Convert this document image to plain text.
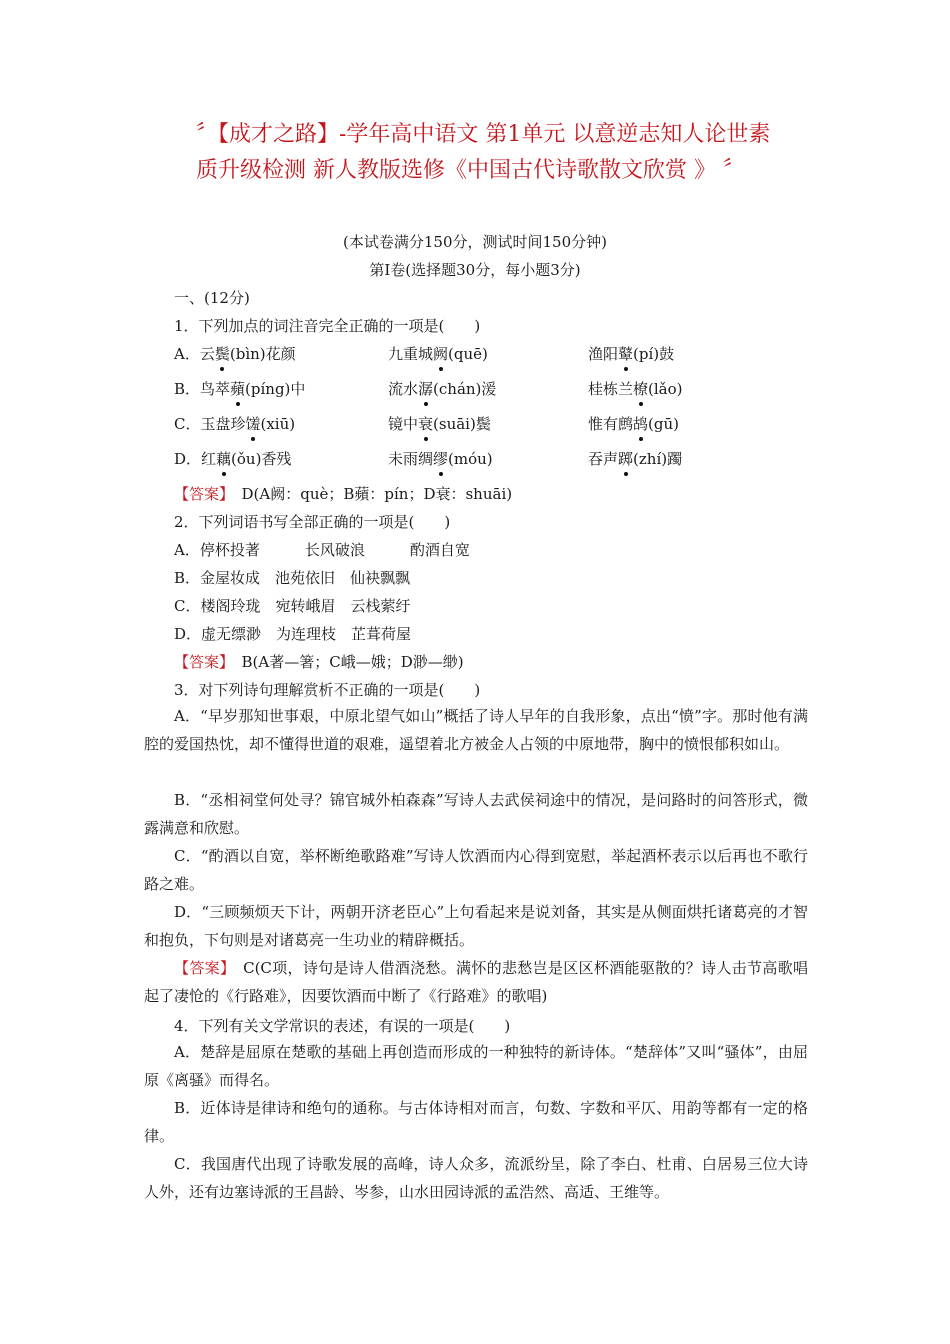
〞【成才之路】-学年高中语文 第1单元 以意逆志知人论世素
质升级检测 新人教版选修《中国古代诗歌散文欣赏 》 〞
(本试卷满分150分，测试时间150分钟)
第Ⅰ卷(选择题30分，每小题3分)
一、(12分)
1．下列加点的词注音完全正确的一项是(　　)
A．云鬓(bìn)花颜	九重城阙(quē)	渔阳鼙(pí)鼓
B．鸟萃蘋(píng)中	流水潺(chán)湲	桂栋兰橑(lǎo)
C．玉盘珍馐(xiū)	镜中衰(suāi)鬓	惟有鹧鸪(gū)
D．红藕(ǒu)香残	未雨绸缪(móu)	吞声踯(zhí)躅
【答案】　D(A阙：què；B蘋：pín；D衰：shuāi)
2．下列词语书写全部正确的一项是(　　)
A．停杯投著　　　长风破浪　　　酌酒自宽
B．金屋妆成　池苑依旧　仙袂飘飘
C．楼阁玲珑　宛转峨眉　云栈萦纡
D．虚无缥渺　为连理枝　芷葺荷屋
【答案】　B(A著—箸；C峨—娥；D渺—缈)
3．对下列诗句理解赏析不正确的一项是(　　)
A．“早岁那知世事艰，中原北望气如山”概括了诗人早年的自我形象，点出“愤”字。那时他有满腔的爱国热忱，却不懂得世道的艰难，遥望着北方被金人占领的中原地带，胸中的愤恨郁积如山。
B．“丞相祠堂何处寻？锦官城外柏森森”写诗人去武侯祠途中的情况，是问路时的问答形式，微露满意和欣慰。
C．“酌酒以自宽，举杯断绝歌路难”写诗人饮酒而内心得到宽慰，举起酒杯表示以后再也不歌行路之难。
D．“三顾频烦天下计，两朝开济老臣心”上句看起来是说刘备，其实是从侧面烘托诸葛亮的才智和抱负，下句则是对诸葛亮一生功业的精辟概括。
【答案】　C(C项，诗句是诗人借酒浇愁。满怀的悲愁岂是区区杯酒能驱散的？诗人击节高歌唱起了凄怆的《行路难》，因要饮酒而中断了《行路难》的歌唱)
4．下列有关文学常识的表述，有误的一项是(　　)
A．楚辞是屈原在楚歌的基础上再创造而形成的一种独特的新诗体。“楚辞体”又叫“骚体”，由屈原《离骚》而得名。
B．近体诗是律诗和绝句的通称。与古体诗相对而言，句数、字数和平仄、用韵等都有一定的格律。
C．我国唐代出现了诗歌发展的高峰，诗人众多，流派纷呈，除了李白、杜甫、白居易三位大诗人外，还有边塞诗派的王昌龄、岑参，山水田园诗派的孟浩然、高适、王维等。
